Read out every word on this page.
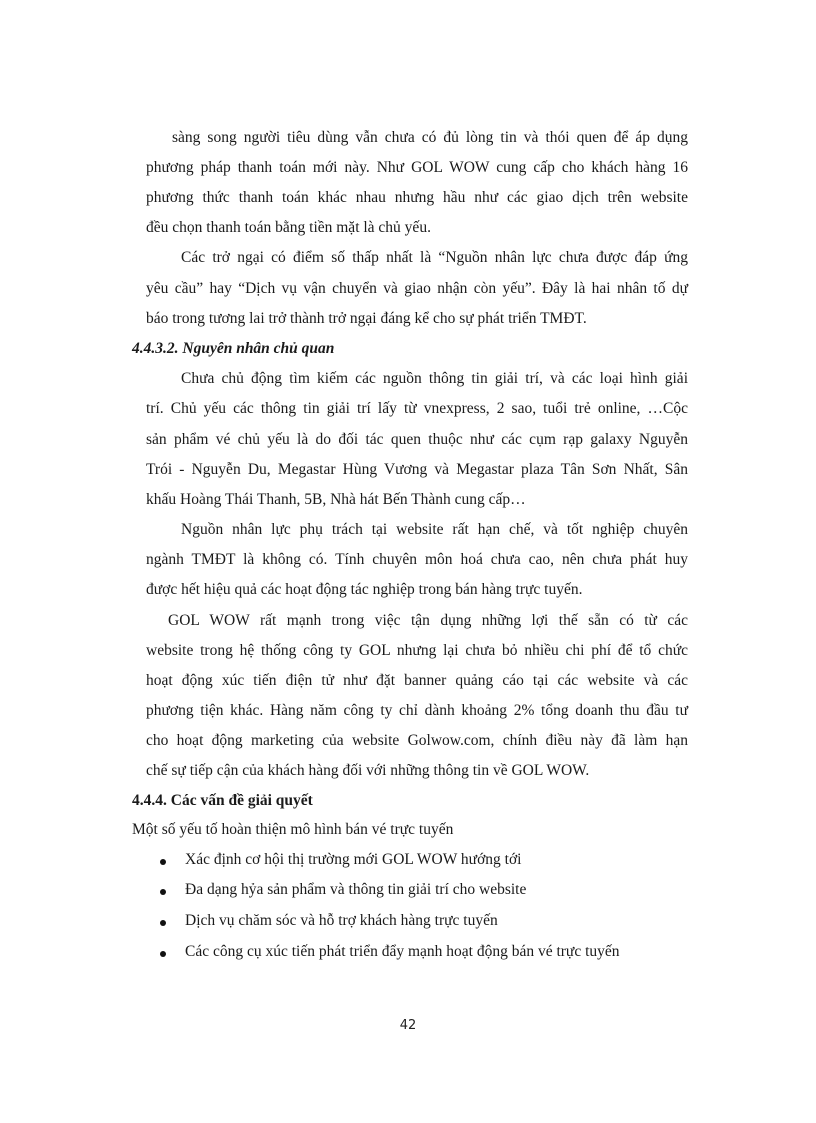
sàng song người tiêu dùng vẫn chưa có đủ lòng tin và thói quen để áp dụng
phương pháp thanh toán mới này. Như GOL WOW cung cấp cho khách hàng 16
phương thức thanh toán khác nhau nhưng hầu như các giao dịch trên website
đều chọn thanh toán bằng tiền mặt là chủ yếu.
Các trở ngại có điểm số thấp nhất là “Nguồn nhân lực chưa được đáp ứng
yêu cầu” hay “Dịch vụ vận chuyển và giao nhận còn yếu”. Đây là hai nhân tố dự
báo trong tương lai trở thành trở ngại đáng kể cho sự phát triển TMĐT.
4.4.3.2. Nguyên nhân chủ quan
Chưa chủ động tìm kiếm các nguồn thông tin giải trí, và các loại hình giải
trí. Chủ yếu các thông tin giải trí lấy từ vnexpress, 2 sao, tuổi trẻ online, …Cộc
sản phẩm vé chủ yếu là do đối tác quen thuộc như các cụm rạp galaxy Nguyễn
Trói - Nguyễn Du, Megastar Hùng Vương và Megastar plaza Tân Sơn Nhất, Sân
khấu Hoàng Thái Thanh, 5B, Nhà hát Bến Thành cung cấp…
Nguồn nhân lực phụ trách tại website rất hạn chế, và tốt nghiệp chuyên
ngành TMĐT là không có. Tính chuyên môn hoá chưa cao, nên chưa phát huy
được hết hiệu quả các hoạt động tác nghiệp trong bán hàng trực tuyến.
GOL WOW rất mạnh trong việc tận dụng những lợi thế sẵn có từ các
website trong hệ thống công ty GOL nhưng lại chưa bỏ nhiều chi phí để tổ chức
hoạt động xúc tiến điện tử như đặt banner quảng cáo tại các website và các
phương tiện khác. Hàng năm công ty chỉ dành khoảng 2% tổng doanh thu đầu tư
cho hoạt động marketing của website Golwow.com, chính điều này đã làm hạn
chế sự tiếp cận của khách hàng đối với những thông tin về GOL WOW.
4.4.4. Các vấn đề giải quyết
Một số yếu tố hoàn thiện mô hình bán vé trực tuyến
Xác định cơ hội thị trường mới GOL WOW hướng tới
Đa dạng hỷa sản phẩm và thông tin giải trí cho website
Dịch vụ chăm sóc và hỗ trợ khách hàng trực tuyến
Các công cụ xúc tiến phát triển đẩy mạnh hoạt động bán vé trực tuyến
42
